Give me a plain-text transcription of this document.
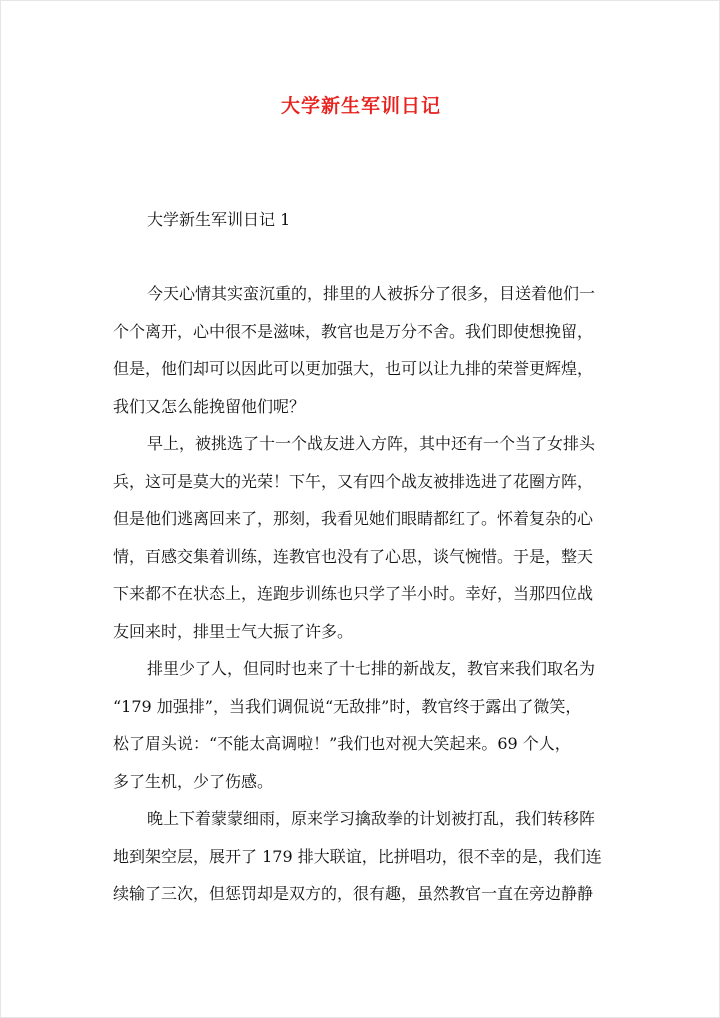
大学新生军训日记
大学新生军训日记 1
今天心情其实蛮沉重的，排里的人被拆分了很多，目送着他们一
个个离开，心中很不是滋味，教官也是万分不舍。我们即使想挽留，
但是，他们却可以因此可以更加强大，也可以让九排的荣誉更辉煌，
我们又怎么能挽留他们呢？
早上，被挑选了十一个战友进入方阵，其中还有一个当了女排头
兵，这可是莫大的光荣！下午，又有四个战友被排选进了花圈方阵，
但是他们逃离回来了，那刻，我看见她们眼睛都红了。怀着复杂的心
情，百感交集着训练，连教官也没有了心思，谈气惋惜。于是，整天
下来都不在状态上，连跑步训练也只学了半小时。幸好，当那四位战
友回来时，排里士气大振了许多。
排里少了人，但同时也来了十七排的新战友，教官来我们取名为
“179 加强排”，当我们调侃说“无敌排”时，教官终于露出了微笑，
松了眉头说：“不能太高调啦！”我们也对视大笑起来。69 个人，
多了生机，少了伤感。
晚上下着蒙蒙细雨，原来学习擒敌拳的计划被打乱，我们转移阵
地到架空层，展开了 179 排大联谊，比拼唱功，很不幸的是，我们连
续输了三次，但惩罚却是双方的，很有趣，虽然教官一直在旁边静静
